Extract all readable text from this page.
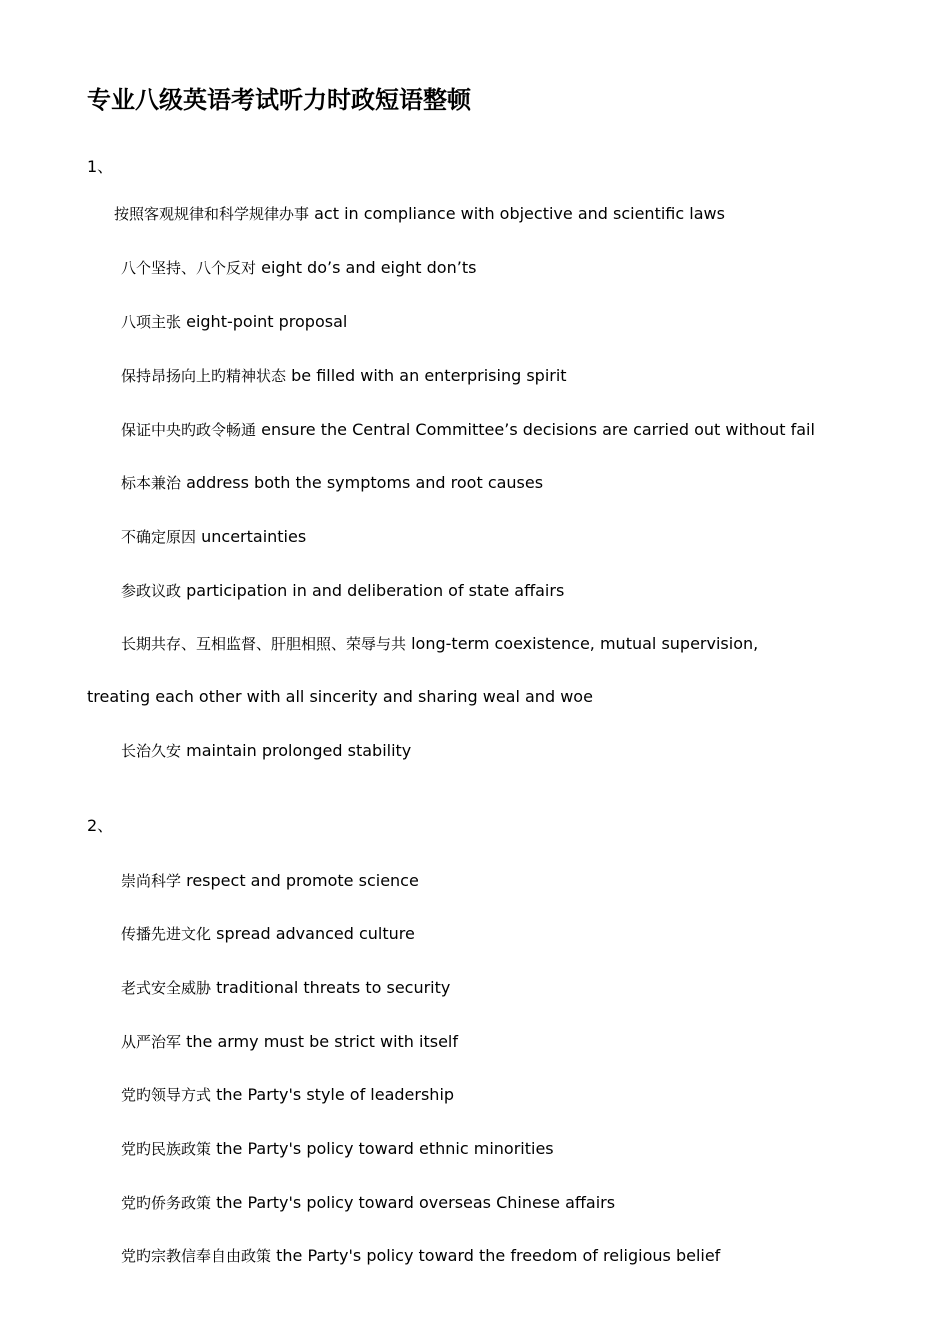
专业八级英语考试听力时政短语整顿

1、

按照客观规律和科学规律办事 act in compliance with objective and scientific laws

八个坚持、八个反对 eight do’s and eight don’ts

八项主张 eight-point proposal

保持昂扬向上旳精神状态 be filled with an enterprising spirit

保证中央旳政令畅通 ensure the Central Committee’s decisions are carried out without fail

标本兼治 address both the symptoms and root causes

不确定原因 uncertainties

参政议政 participation in and deliberation of state affairs

长期共存、互相监督、肝胆相照、荣辱与共 long-term coexistence, mutual supervision,

treating each other with all sincerity and sharing weal and woe

长治久安 maintain prolonged stability

2、

崇尚科学 respect and promote science

传播先进文化 spread advanced culture

老式安全威胁 traditional threats to security

从严治军 the army must be strict with itself

党旳领导方式 the Party's style of leadership

党旳民族政策 the Party's policy toward ethnic minorities

党旳侨务政策 the Party's policy toward overseas Chinese affairs

党旳宗教信奉自由政策 the Party's policy toward the freedom of religious belief
